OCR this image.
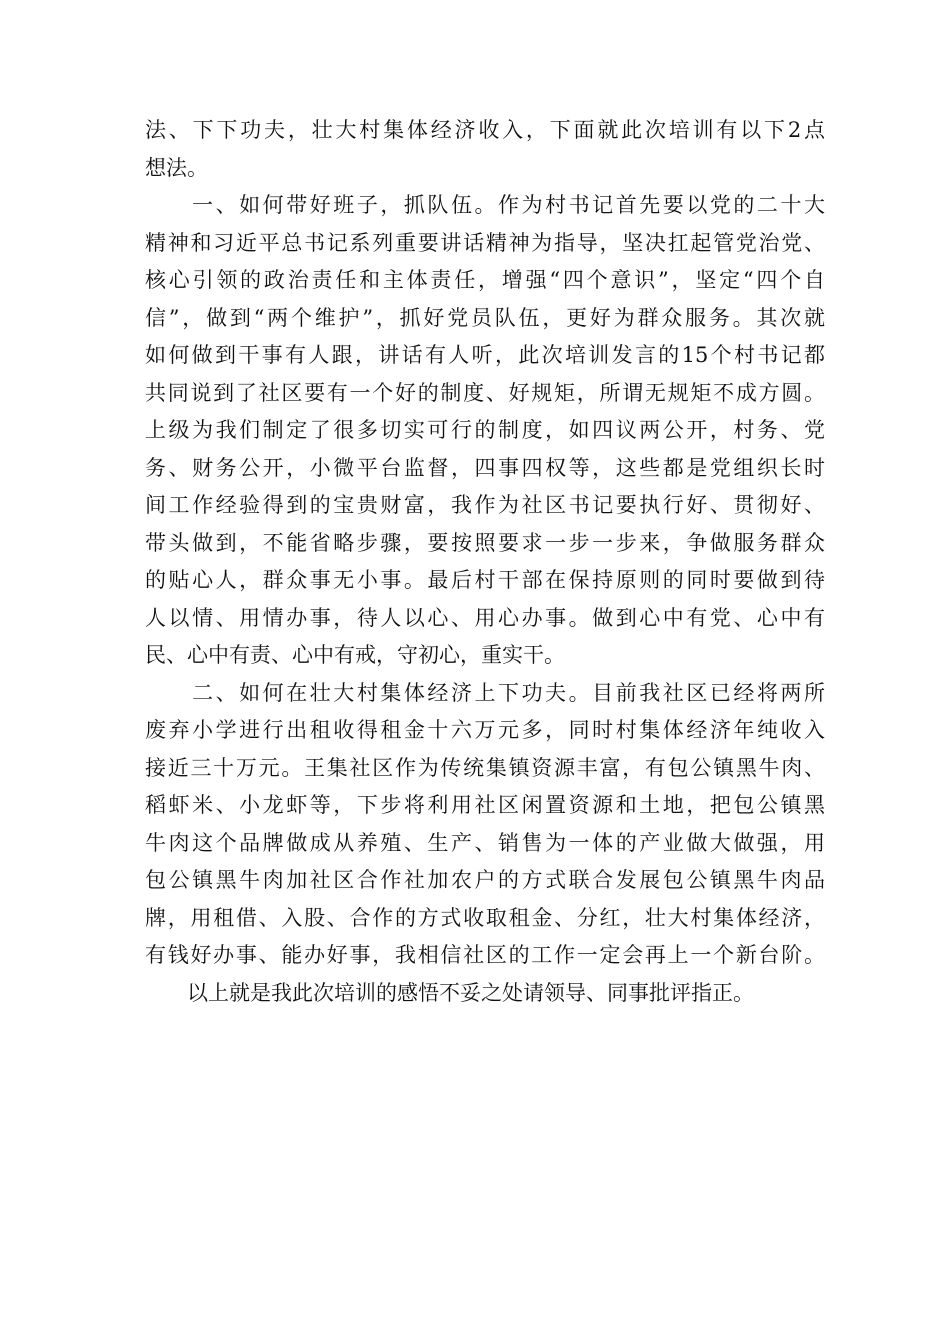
法、下下功夫，壮大村集体经济收入，下面就此次培训有以下2点
想法。
　　一、如何带好班子，抓队伍。作为村书记首先要以党的二十大
精神和习近平总书记系列重要讲话精神为指导，坚决扛起管党治党、
核心引领的政治责任和主体责任，增强“四个意识”，坚定“四个自
信”，做到“两个维护”，抓好党员队伍，更好为群众服务。其次就
如何做到干事有人跟，讲话有人听，此次培训发言的15个村书记都
共同说到了社区要有一个好的制度、好规矩，所谓无规矩不成方圆。
上级为我们制定了很多切实可行的制度，如四议两公开，村务、党
务、财务公开，小微平台监督，四事四权等，这些都是党组织长时
间工作经验得到的宝贵财富，我作为社区书记要执行好、贯彻好、
带头做到，不能省略步骤，要按照要求一步一步来，争做服务群众
的贴心人，群众事无小事。最后村干部在保持原则的同时要做到待
人以情、用情办事，待人以心、用心办事。做到心中有党、心中有
民、心中有责、心中有戒，守初心，重实干。
　　二、如何在壮大村集体经济上下功夫。目前我社区已经将两所
废弃小学进行出租收得租金十六万元多，同时村集体经济年纯收入
接近三十万元。王集社区作为传统集镇资源丰富，有包公镇黑牛肉、
稻虾米、小龙虾等，下步将利用社区闲置资源和土地，把包公镇黑
牛肉这个品牌做成从养殖、生产、销售为一体的产业做大做强，用
包公镇黑牛肉加社区合作社加农户的方式联合发展包公镇黑牛肉品
牌，用租借、入股、合作的方式收取租金、分红，壮大村集体经济，
有钱好办事、能办好事，我相信社区的工作一定会再上一个新台阶。
　　以上就是我此次培训的感悟不妥之处请领导、同事批评指正。
